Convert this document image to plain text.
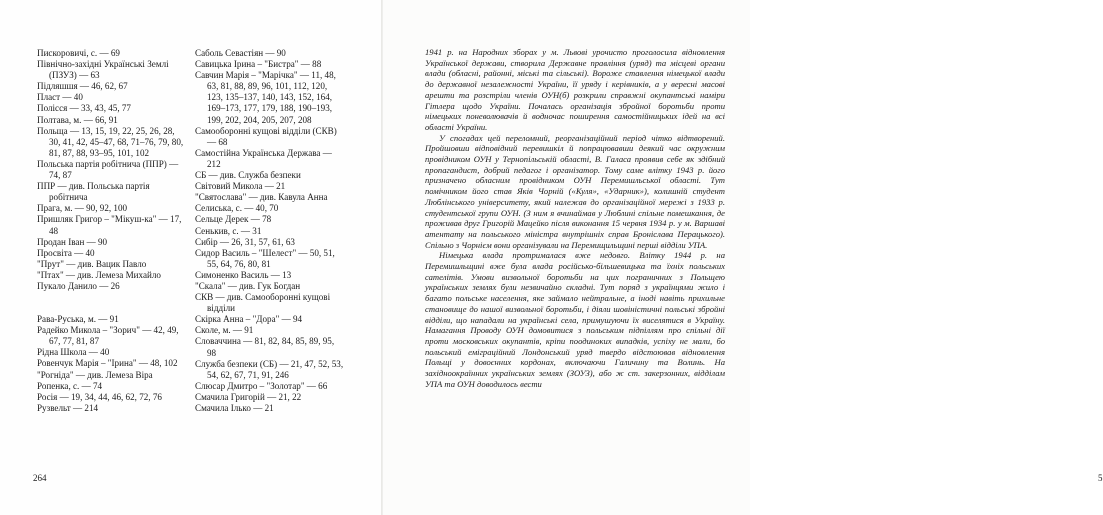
Пискоровичі, с. — 69
Північно-західні Українські Землі (ПЗУЗ) — 63
Підляшшя — 46, 62, 67
Пласт — 40
Полісся — 33, 43, 45, 77
Полтава, м. — 66, 91
Польща — 13, 15, 19, 22, 25, 26, 28, 30, 41, 42, 45–47, 68, 71–76, 79, 80, 81, 87, 88, 93–95, 101, 102
Польська партія робітнича (ППР) — 74, 87
ППР — див. Польська партія робітнича
Прага, м. — 90, 92, 100
Пришляк Григор – "Мікуш-ка" — 17, 48
Продан Іван — 90
Просвіта — 40
"Прут" — див. Вацик Павло
"Птах" — див. Лемеза Михайло
Пукало Данило — 26
Рава-Руська, м. — 91
Радейко Микола – "Зорич" — 42, 49, 67, 77, 81, 87
Рідна Школа — 40
Ровенчук Марія – "Ірина" — 48, 102
"Рогніда" — див. Лемеза Віра
Ропенка, с. — 74
Росія — 19, 34, 44, 46, 62, 72, 76
Рузвельт — 214
Саболь Севастіян — 90
Савицька Ірина – "Бистра" — 88
Савчин Марія – "Марічка" — 11, 48, 63, 81, 88, 89, 96, 101, 112, 120, 123, 135–137, 140, 143, 152, 164, 169–173, 177, 179, 188, 190–193, 199, 202, 204, 205, 207, 208
Самооборонні кущові відділи (СКВ) — 68
Самостійна Українська Держава — 212
СБ — див. Служба безпеки
Світовий Микола — 21
"Святослава" — див. Кавула Анна
Селиська, с. — 40, 70
Сельце Дерек — 78
Сенькив, с. — 31
Сибір — 26, 31, 57, 61, 63
Сидор Василь – "Шелест" — 50, 51, 55, 64, 76, 80, 81
Симоненко Василь — 13
"Скала" — див. Гук Богдан
СКВ — див. Самооборонні кущові відділи
Скірка Анна – "Дора" — 94
Сколе, м. — 91
Словаччина — 81, 82, 84, 85, 89, 95, 98
Служба безпеки (СБ) — 21, 47, 52, 53, 54, 62, 67, 71, 91, 246
Слюсар Дмитро – "Золотар" — 66
Смачила Григорій — 21, 22
Смачила Ілько — 21
264	5

1941 р. на Народних зборах у м. Львові урочисто проголосила відновлення Української держави, створила Державне правління (уряд) та місцеві органи влади (обласні, районні, міські та сільські). Вороже ставлення німецької влади до державної незалежності України, її уряду і керівників, а у вересні масові арешти та розстріли членів ОУН(б) розкрили справжні окупантські наміри Гітлера щодо України. Почалась організація збройної боротьби проти німецьких поневолювачів й водночас поширення самостійницьких ідей на всі області України.

У спогадах цей переломний, реорганізаційний період чітко відтворений. Пройшовши відповідний перевишкіл й попрацювавши деякий час окружним провідником ОУН у Тернопільській області, В. Галаса проявив себе як здібний пропагандист, добрий педагог і організатор. Тому саме влітку 1943 р. його призначено обласним провідником ОУН Перемишльської області. Тут помічником його став Яків Чорній («Куля», «Ударник»), колишній студент Люблінського університету, який належав до організаційної мережі з 1933 р. студентської групи ОУН. (З ним я вчинаймав у Люблині спільне помешкання, де проживав друг Григорій Мацейко після виконання 15 червня 1934 р. у м. Варшаві атентату на польського міністра внутрішніх справ Броніслава Перацького). Спільно з Чорнієм вони організували на Перемищильщині перші відділи УПА.

Німецька влада протрималася вже недовго. Влітку 1944 р. на Перемишльщині вже була влада російсько-більшевицька та їхніх польських сателітів. Умови визвольної боротьби на цих пограничних з Польщею українських землях були незвичайно складні. Тут поряд з українцями жило і багато польське населення, яке займало нейтральне, а іноді навіть прихильне становище до нашої визвольної боротьби, і діяли шовіністичні польські збройні відділи, що нападали на українські села, примушуючи їх виселятися в Україну. Намагання Проводу ОУН домовитися з польським підпіллям про спільні дії проти московських окупантів, кріпи поодиноких випадків, успіху не мали, бо польський еміграційний Лондонський уряд твердо відстоював відновлення Польщі у довоєнних кордонах, включаючи Галичину та Волинь. На західноокраїнних українських землях (ЗОУЗ), або ж ст. закерзонних, відділам УПА та ОУН доводилось вести
